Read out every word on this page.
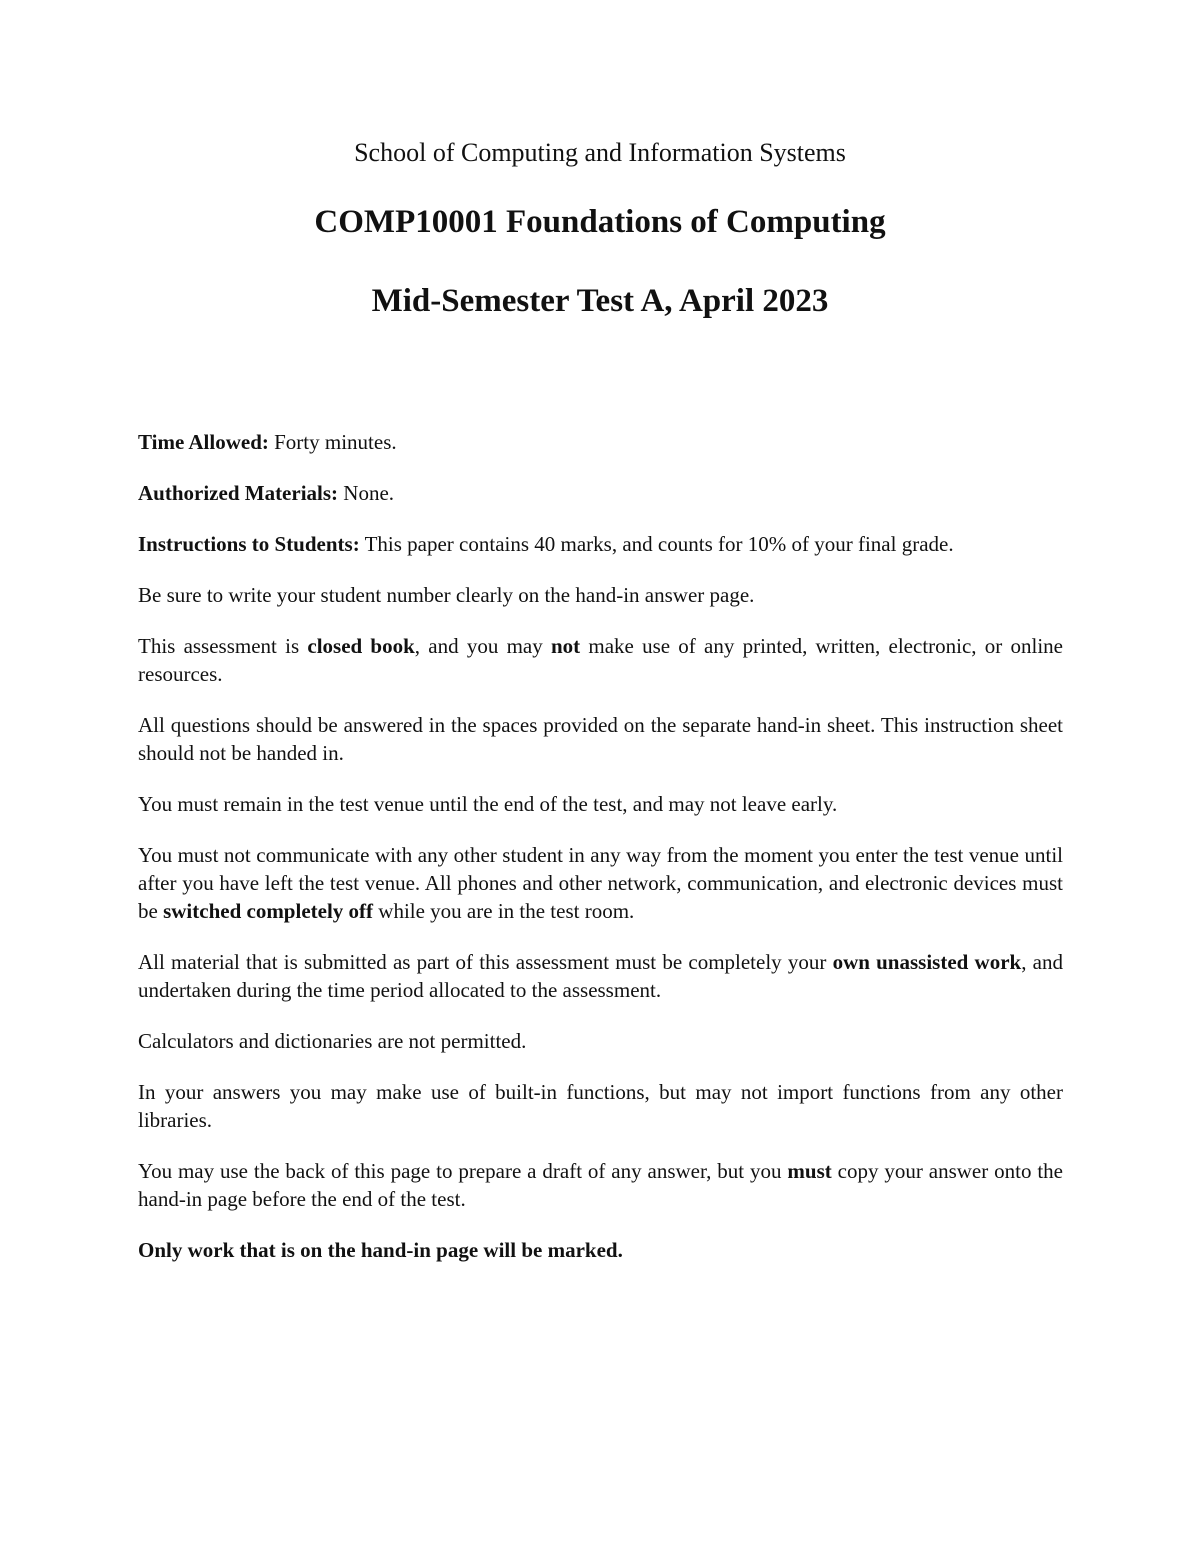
School of Computing and Information Systems
COMP10001 Foundations of Computing
Mid-Semester Test A, April 2023

Time Allowed: Forty minutes.

Authorized Materials: None.

Instructions to Students: This paper contains 40 marks, and counts for 10% of your final grade.

Be sure to write your student number clearly on the hand-in answer page.

This assessment is closed book, and you may not make use of any printed, written, electronic, or online resources.

All questions should be answered in the spaces provided on the separate hand-in sheet. This instruction sheet should not be handed in.

You must remain in the test venue until the end of the test, and may not leave early.

You must not communicate with any other student in any way from the moment you enter the test venue until after you have left the test venue. All phones and other network, communication, and electronic devices must be switched completely off while you are in the test room.

All material that is submitted as part of this assessment must be completely your own unassisted work, and undertaken during the time period allocated to the assessment.

Calculators and dictionaries are not permitted.

In your answers you may make use of built-in functions, but may not import functions from any other libraries.

You may use the back of this page to prepare a draft of any answer, but you must copy your answer onto the hand-in page before the end of the test.

Only work that is on the hand-in page will be marked.
